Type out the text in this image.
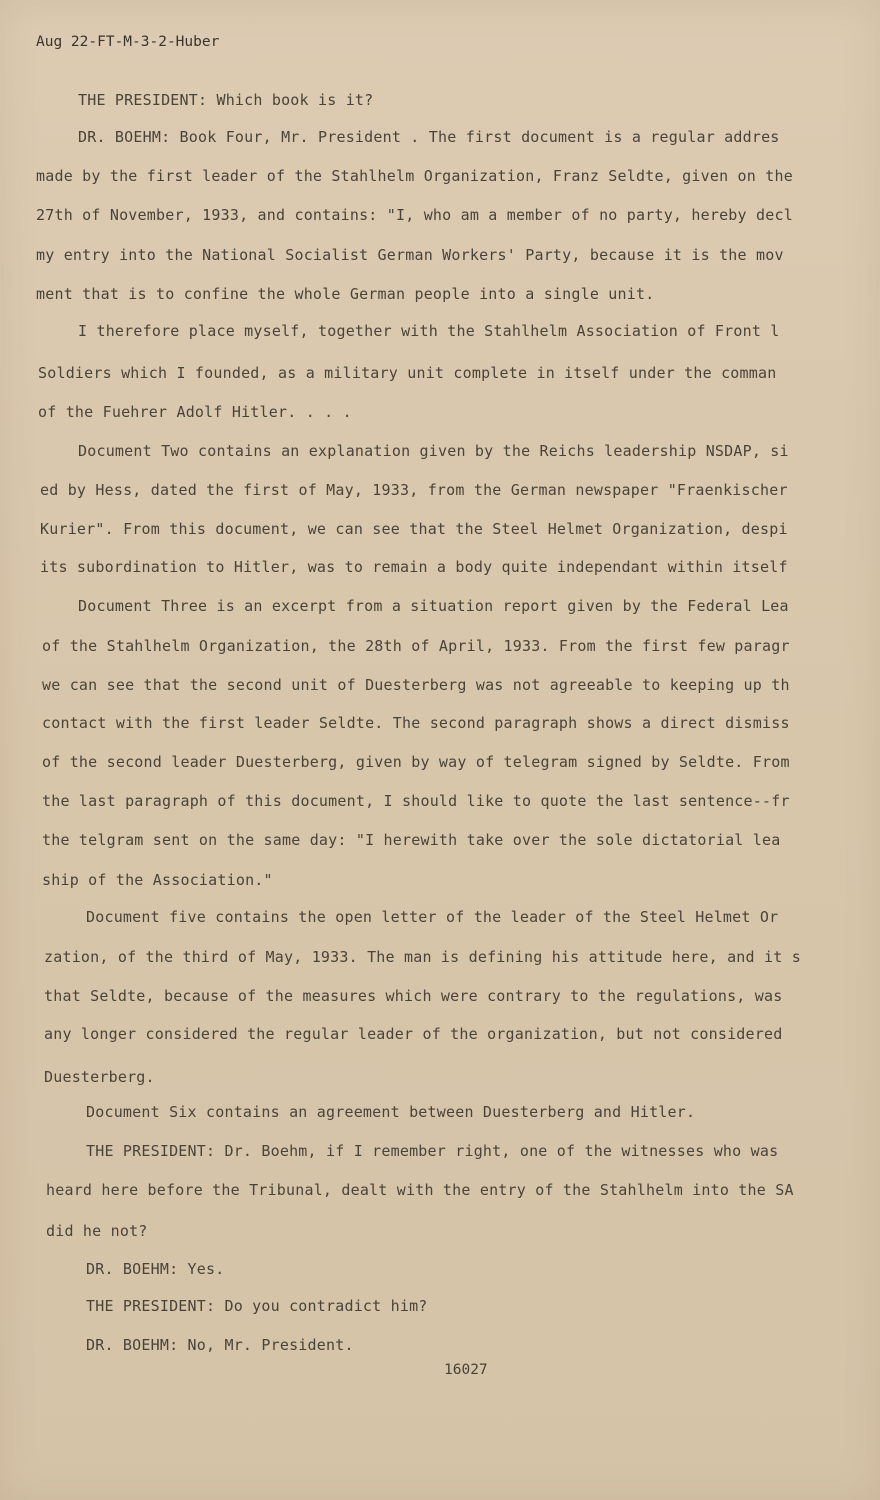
Aug 22-FT-M-3-2-Huber
THE PRESIDENT: Which book is it?
DR. BOEHM: Book Four, Mr. President . The first document is a regular addres
made by the first leader of the Stahlhelm Organization, Franz Seldte, given on the
27th of November, 1933, and contains: "I, who am a member of no party, hereby decl
my entry into the National Socialist German Workers' Party, because it is the mov
ment that is to confine the whole German people into a single unit.
I therefore place myself, together with the Stahlhelm Association of Front l
Soldiers which I founded, as a military unit complete in itself under the comman
of the Fuehrer Adolf Hitler. . . .
Document Two contains an explanation given by the Reichs leadership NSDAP, si
ed by Hess, dated the first of May, 1933, from the German newspaper "Fraenkischer
Kurier". From this document, we can see that the Steel Helmet Organization, despi
its subordination to Hitler, was to remain a body quite independant within itself
Document Three is an excerpt from a situation report given by the Federal Lea
of the Stahlhelm Organization, the 28th of April, 1933. From the first few paragr
we can see that the second unit of Duesterberg was not agreeable to keeping up th
contact with the first leader Seldte. The second paragraph shows a direct dismiss
of the second leader Duesterberg, given by way of telegram signed by Seldte. From
the last paragraph of this document, I should like to quote the last sentence--fr
the telgram sent on the same day: "I herewith take over the sole dictatorial lea
ship of the Association."
Document five contains the open letter of the leader of the Steel Helmet Or
zation, of the third of May, 1933. The man is defining his attitude here, and it s
that Seldte, because of the measures which were contrary to the regulations, was
any longer considered the regular leader of the organization, but not considered
Duesterberg.
Document Six contains an agreement between Duesterberg and Hitler.
THE PRESIDENT: Dr. Boehm, if I remember right, one of the witnesses who was
heard here before the Tribunal, dealt with the entry of the Stahlhelm into the SA
did he not?
DR. BOEHM: Yes.
THE PRESIDENT: Do you contradict him?
DR. BOEHM: No, Mr. President.
16027
